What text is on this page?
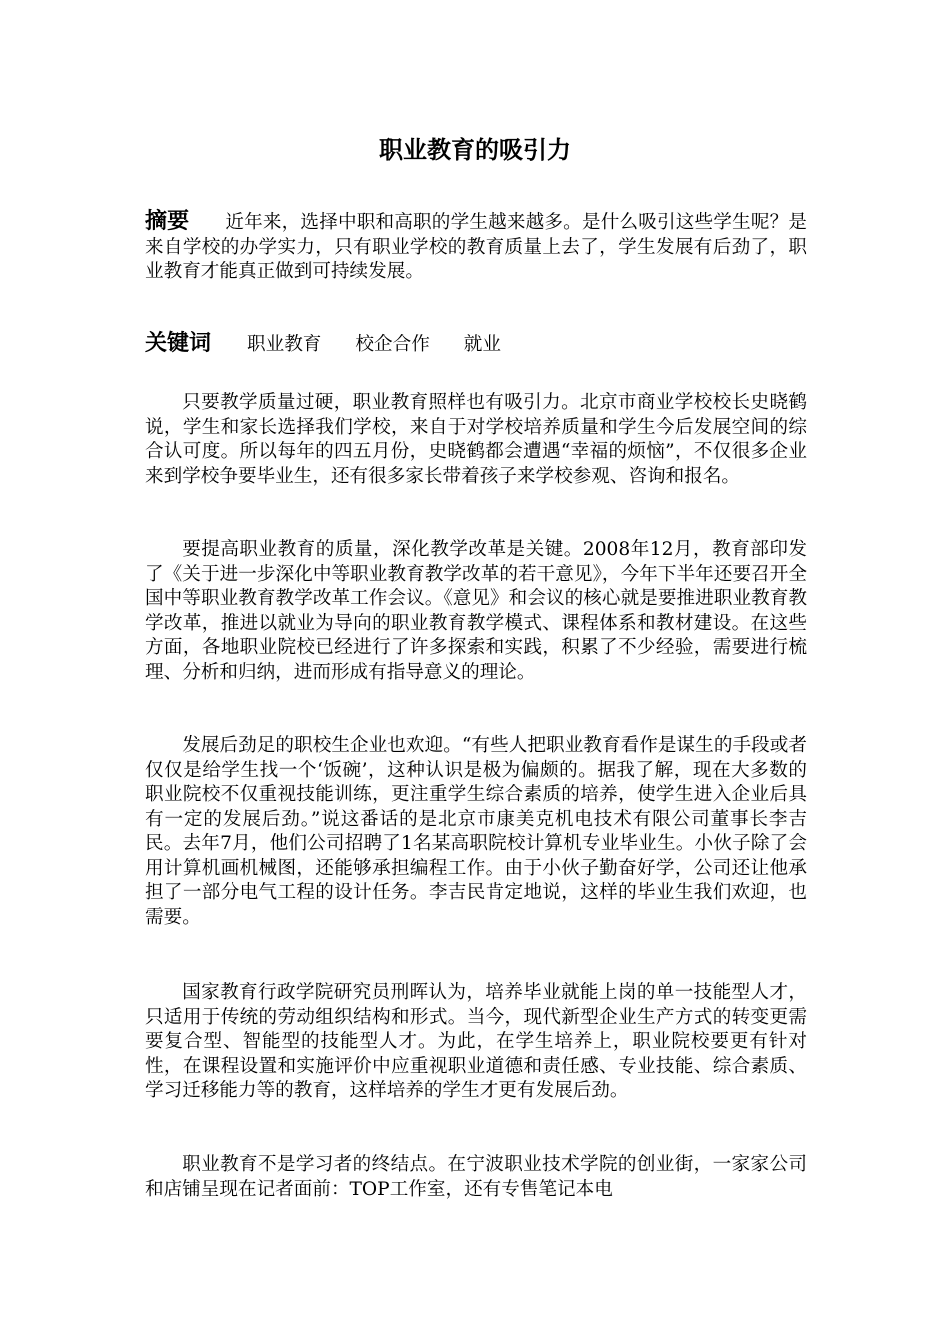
职业教育的吸引力

摘要 近年来，选择中职和高职的学生越来越多。是什么吸引这些学生呢？是来自学校的办学实力，只有职业学校的教育质量上去了，学生发展有后劲了，职业教育才能真正做到可持续发展。

关键词 职业教育 校企合作 就业

只要教学质量过硬，职业教育照样也有吸引力。北京市商业学校校长史晓鹤说，学生和家长选择我们学校，来自于对学校培养质量和学生今后发展空间的综合认可度。所以每年的四五月份，史晓鹤都会遭遇“幸福的烦恼”，不仅很多企业来到学校争要毕业生，还有很多家长带着孩子来学校参观、咨询和报名。

要提高职业教育的质量，深化教学改革是关键。2008年12月，教育部印发了《关于进一步深化中等职业教育教学改革的若干意见》，今年下半年还要召开全国中等职业教育教学改革工作会议。《意见》和会议的核心就是要推进职业教育教学改革，推进以就业为导向的职业教育教学模式、课程体系和教材建设。在这些方面，各地职业院校已经进行了许多探索和实践，积累了不少经验，需要进行梳理、分析和归纳，进而形成有指导意义的理论。

发展后劲足的职校生企业也欢迎。“有些人把职业教育看作是谋生的手段或者仅仅是给学生找一个‘饭碗’，这种认识是极为偏颇的。据我了解，现在大多数的职业院校不仅重视技能训练，更注重学生综合素质的培养，使学生进入企业后具有一定的发展后劲。”说这番话的是北京市康美克机电技术有限公司董事长李吉民。去年7月，他们公司招聘了1名某高职院校计算机专业毕业生。小伙子除了会用计算机画机械图，还能够承担编程工作。由于小伙子勤奋好学，公司还让他承担了一部分电气工程的设计任务。李吉民肯定地说，这样的毕业生我们欢迎，也需要。

国家教育行政学院研究员刑晖认为，培养毕业就能上岗的单一技能型人才，只适用于传统的劳动组织结构和形式。当今，现代新型企业生产方式的转变更需要复合型、智能型的技能型人才。为此，在学生培养上，职业院校要更有针对性，在课程设置和实施评价中应重视职业道德和责任感、专业技能、综合素质、学习迁移能力等的教育，这样培养的学生才更有发展后劲。

职业教育不是学习者的终结点。在宁波职业技术学院的创业街，一家家公司和店铺呈现在记者面前：TOP工作室，还有专售笔记本电
